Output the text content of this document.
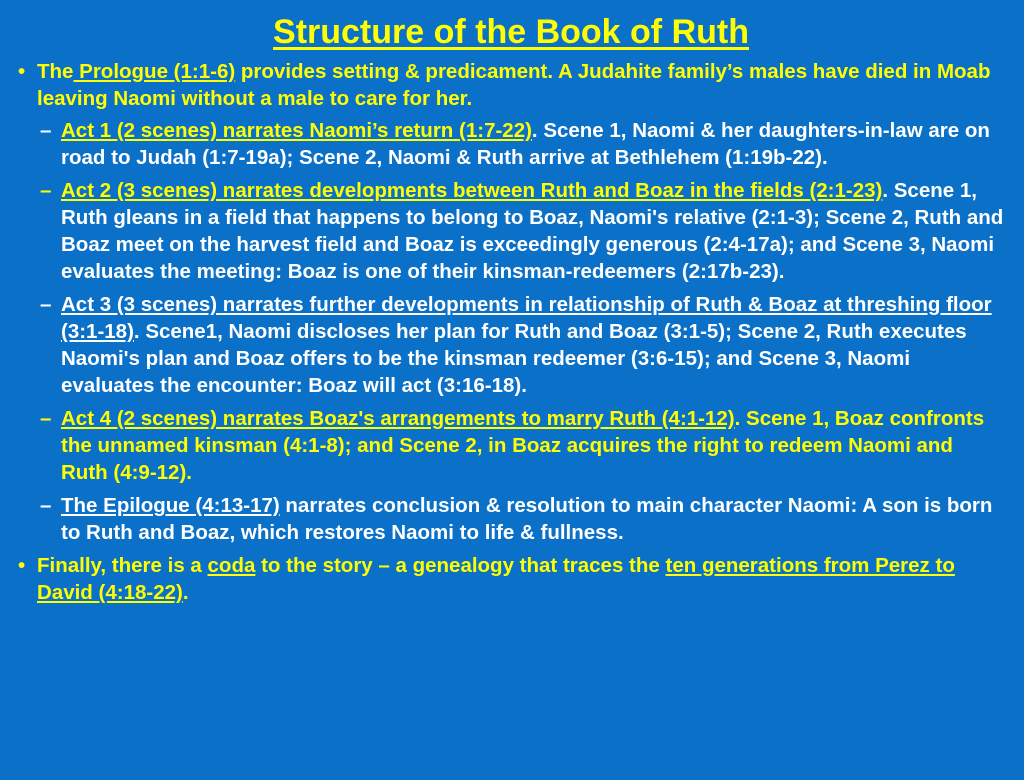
Structure of the Book of Ruth
• The Prologue (1:1-6) provides setting & predicament. A Judahite family’s males have died in Moab leaving Naomi without a male to care for her.
– Act 1 (2 scenes) narrates Naomi’s return (1:7-22). Scene 1, Naomi & her daughters-in-law are on road to Judah (1:7-19a); Scene 2, Naomi & Ruth arrive at Bethlehem (1:19b-22).
– Act 2 (3 scenes) narrates developments between Ruth and Boaz in the fields (2:1-23). Scene 1, Ruth gleans in a field that happens to belong to Boaz, Naomi's relative (2:1-3); Scene 2, Ruth and Boaz meet on the harvest field and Boaz is exceedingly generous (2:4-17a); and Scene 3, Naomi evaluates the meeting: Boaz is one of their kinsman-redeemers (2:17b-23).
– Act 3 (3 scenes) narrates further developments in relationship of Ruth & Boaz at threshing floor (3:1-18). Scene1, Naomi discloses her plan for Ruth and Boaz (3:1-5); Scene 2, Ruth executes Naomi's plan and Boaz offers to be the kinsman redeemer (3:6-15); and Scene 3, Naomi evaluates the encounter: Boaz will act (3:16-18).
– Act 4 (2 scenes) narrates Boaz's arrangements to marry Ruth (4:1-12). Scene 1, Boaz confronts the unnamed kinsman (4:1-8); and Scene 2, in Boaz acquires the right to redeem Naomi and Ruth (4:9-12).
– The Epilogue (4:13-17) narrates conclusion & resolution to main character Naomi: A son is born to Ruth and Boaz, which restores Naomi to life & fullness.
• Finally, there is a coda to the story – a genealogy that traces the ten generations from Perez to David (4:18-22).
